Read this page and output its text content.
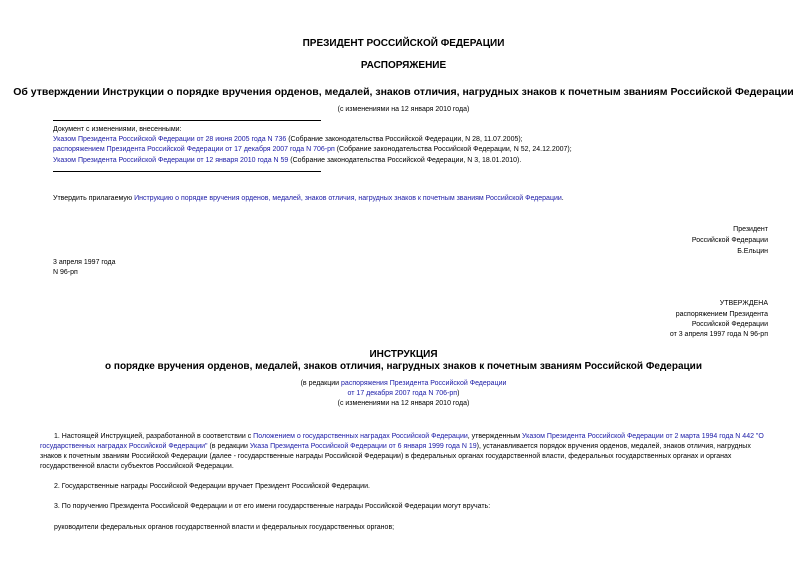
ПРЕЗИДЕНТ РОССИЙСКОЙ ФЕДЕРАЦИИ
РАСПОРЯЖЕНИЕ
Об утверждении Инструкции о порядке вручения орденов, медалей, знаков отличия, нагрудных знаков к почетным званиям Российской Федерации
(с изменениями на 12 января 2010 года)
Документ с изменениями, внесенными:
Указом Президента Российской Федерации от 28 июня 2005 года N 736 (Собрание законодательства Российской Федерации, N 28, 11.07.2005);
распоряжением Президента Российской Федерации от 17 декабря 2007 года N 706-рп (Собрание законодательства Российской Федерации, N 52, 24.12.2007);
Указом Президента Российской Федерации от 12 января 2010 года N 59 (Собрание законодательства Российской Федерации, N 3, 18.01.2010).
Утвердить прилагаемую Инструкцию о порядке вручения орденов, медалей, знаков отличия, нагрудных знаков к почетным званиям Российской Федерации.
Президент
Российской Федерации
Б.Ельцин
3 апреля 1997 года
N 96-рп
УТВЕРЖДЕНА
распоряжением Президента
Российской Федерации
от 3 апреля 1997 года N 96-рп
ИНСТРУКЦИЯ
о порядке вручения орденов, медалей, знаков отличия, нагрудных знаков к почетным званиям Российской Федерации
(в редакции распоряжения Президента Российской Федерации
от 17 декабря 2007 года N 706-рп)
(с изменениями на 12 января 2010 года)
1. Настоящей Инструкцией, разработанной в соответствии с Положением о государственных наградах Российской Федерации, утвержденным Указом Президента Российской Федерации от 2 марта 1994 года N 442 "О государственных наградах Российской Федерации" (в редакции Указа Президента Российской Федерации от 6 января 1999 года N 19), устанавливается порядок вручения орденов, медалей, знаков отличия, нагрудных знаков к почетным званиям Российской Федерации (далее - государственные награды Российской Федерации) в федеральных органах государственной власти, федеральных государственных органах и органах государственной власти субъектов Российской Федерации.
2. Государственные награды Российской Федерации вручает Президент Российской Федерации.
3. По поручению Президента Российской Федерации и от его имени государственные награды Российской Федерации могут вручать:
руководители федеральных органов государственной власти и федеральных государственных органов;
